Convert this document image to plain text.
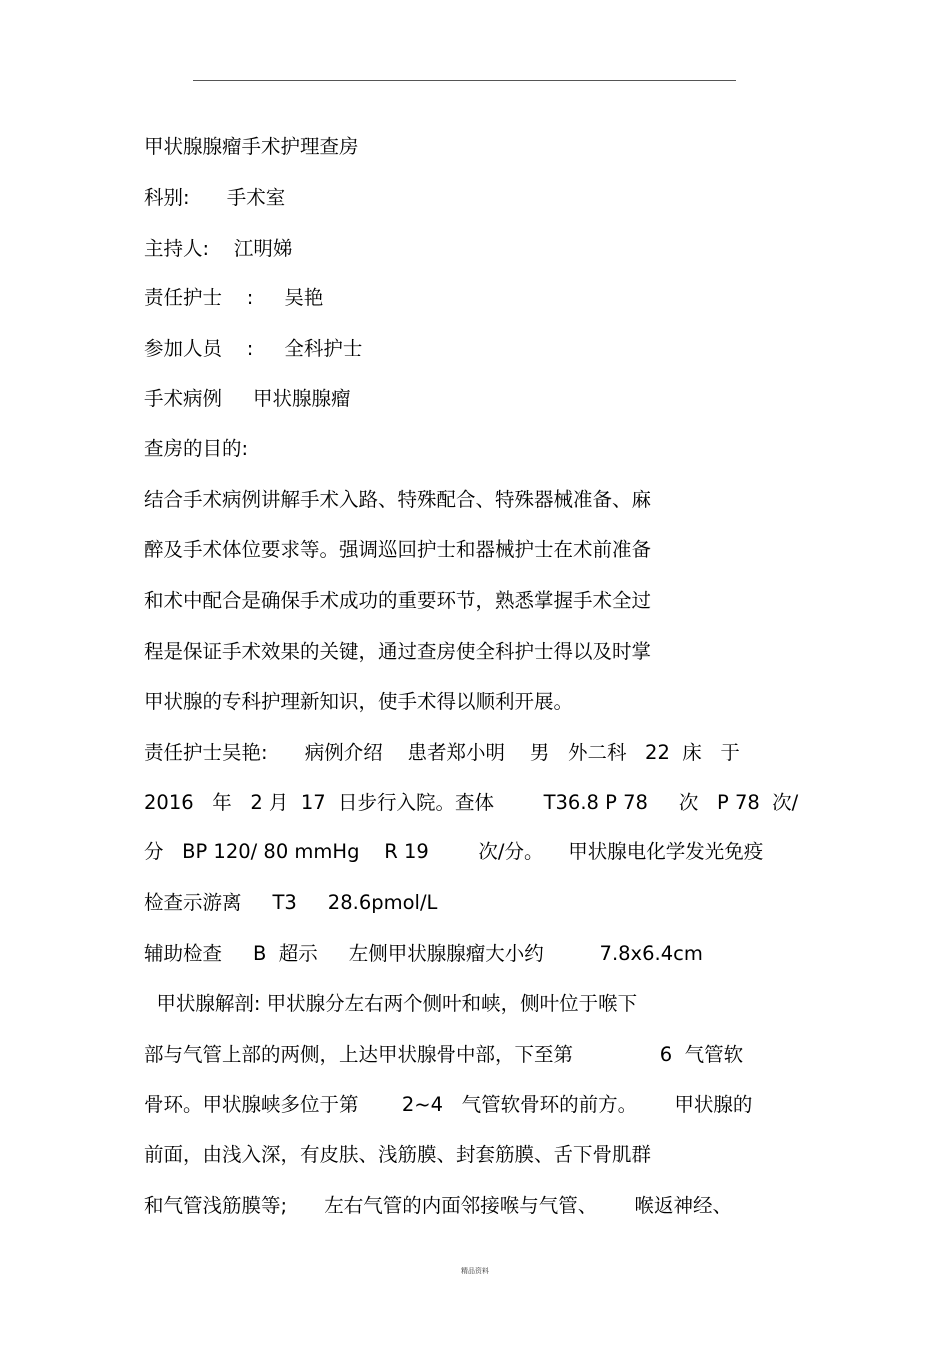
甲状腺腺瘤手术护理查房

科别:      手术室

主持人:    江明娣

责任护士    :     吴艳

参加人员    :     全科护士

手术病例     甲状腺腺瘤

查房的目的:

结合手术病例讲解手术入路、特殊配合、特殊器械准备、麻

醉及手术体位要求等。强调巡回护士和器械护士在术前准备

和术中配合是确保手术成功的重要环节，熟悉掌握手术全过

程是保证手术效果的关键，通过查房使全科护士得以及时掌

甲状腺的专科护理新知识，使手术得以顺利开展。

责任护士吴艳:      病例介绍    患者郑小明    男   外二科   22  床   于

2016   年   2 月  17  日步行入院。查体        T36.8 P 78     次   P 78  次/

分   BP 120/ 80 mmHg    R 19        次/分。    甲状腺电化学发光免疫

检查示游离     T3     28.6pmol/L

辅助检查     B  超示     左侧甲状腺腺瘤大小约         7.8x6.4cm

甲状腺解剖: 甲状腺分左右两个侧叶和峡，侧叶位于喉下

部与气管上部的两侧，上达甲状腺骨中部，下至第              6  气管软

骨环。甲状腺峡多位于第       2~4   气管软骨环的前方。      甲状腺的

前面，由浅入深，有皮肤、浅筋膜、封套筋膜、舌下骨肌群

和气管浅筋膜等;      左右气管的内面邻接喉与气管、      喉返神经、

精品资料
